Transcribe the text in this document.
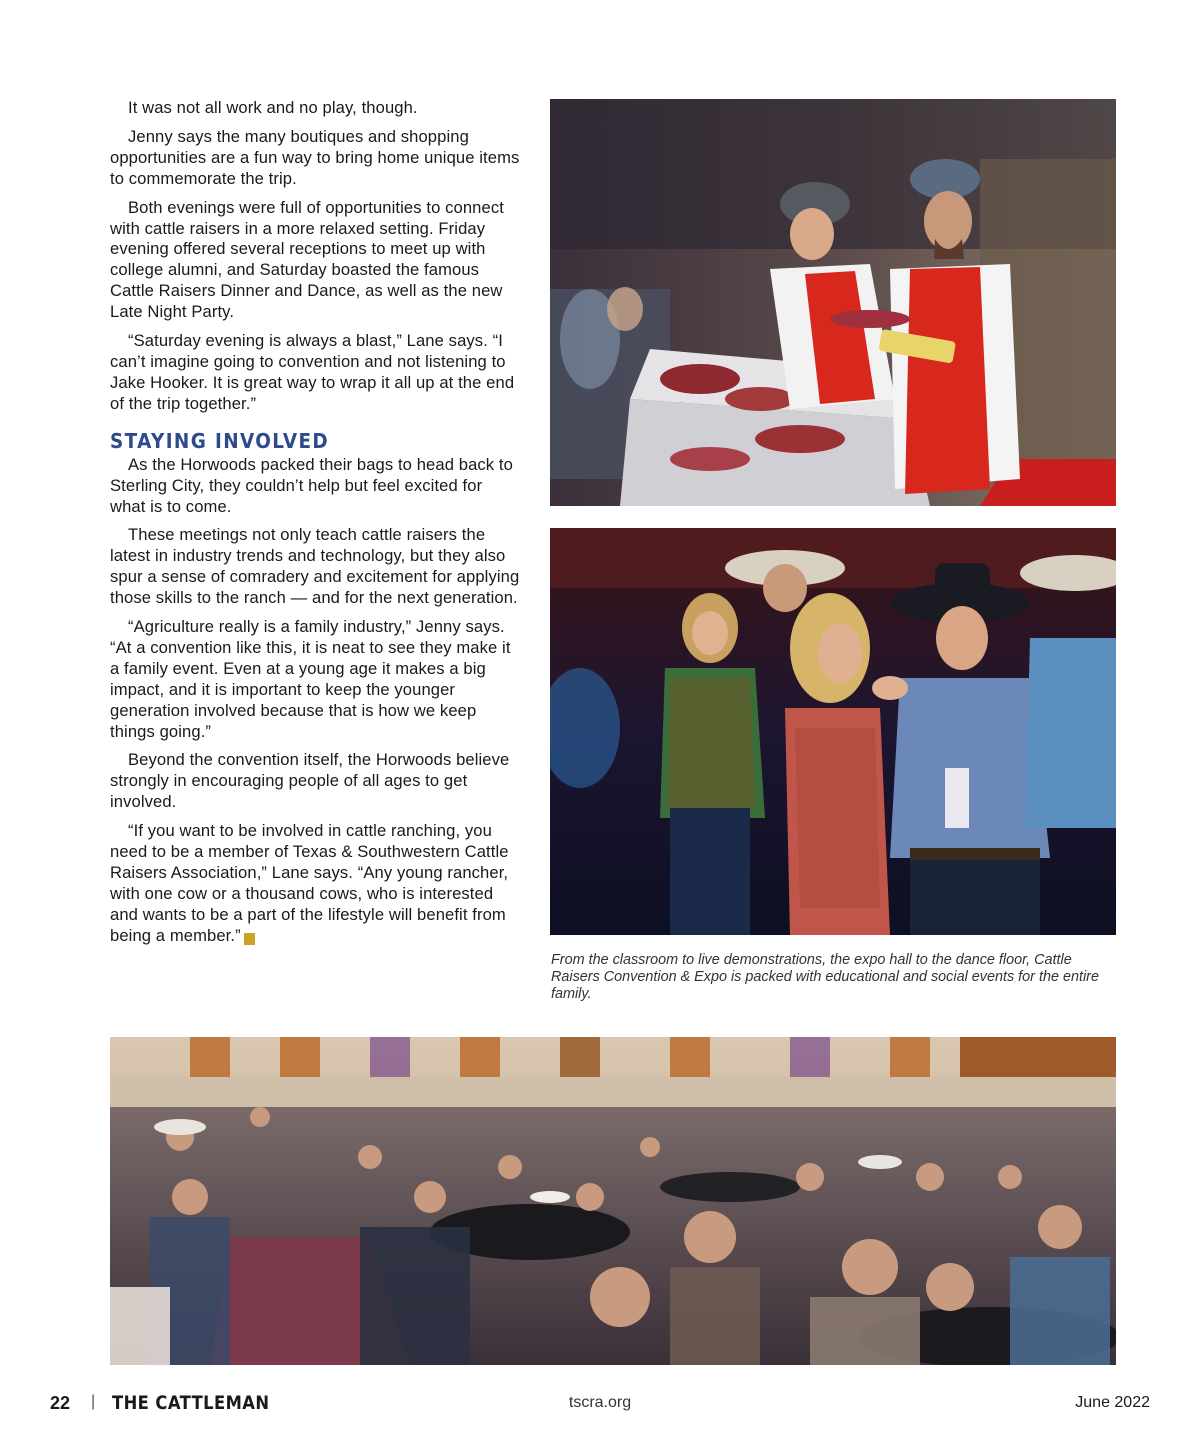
It was not all work and no play, though.

Jenny says the many boutiques and shopping opportunities are a fun way to bring home unique items to commemorate the trip.

Both evenings were full of opportunities to connect with cattle raisers in a more relaxed setting. Friday evening offered several receptions to meet up with college alumni, and Saturday boasted the famous Cattle Raisers Dinner and Dance, as well as the new Late Night Party.

“Saturday evening is always a blast,” Lane says. “I can’t imagine going to convention and not listening to Jake Hooker. It is great way to wrap it all up at the end of the trip together.”

STAYING INVOLVED

As the Horwoods packed their bags to head back to Sterling City, they couldn’t help but feel excited for what is to come.

These meetings not only teach cattle raisers the latest in industry trends and technology, but they also spur a sense of comradery and excitement for applying those skills to the ranch — and for the next generation.

“Agriculture really is a family industry,” Jenny says. “At a convention like this, it is neat to see they make it a family event. Even at a young age it makes a big impact, and it is important to keep the younger generation involved because that is how we keep things going.”

Beyond the convention itself, the Horwoods believe strongly in encouraging people of all ages to get involved.

“If you want to be involved in cattle ranching, you need to be a member of Texas & Southwestern Cattle Raisers Association,” Lane says. “Any young rancher, with one cow or a thousand cows, who is interested and wants to be a part of the lifestyle will benefit from being a member.” t

From the classroom to live demonstrations, the expo hall to the dance floor, Cattle Raisers Convention & Expo is packed with educational and social events for the entire family.

22 | THE CATTLEMAN	tscra.org	June 2022
